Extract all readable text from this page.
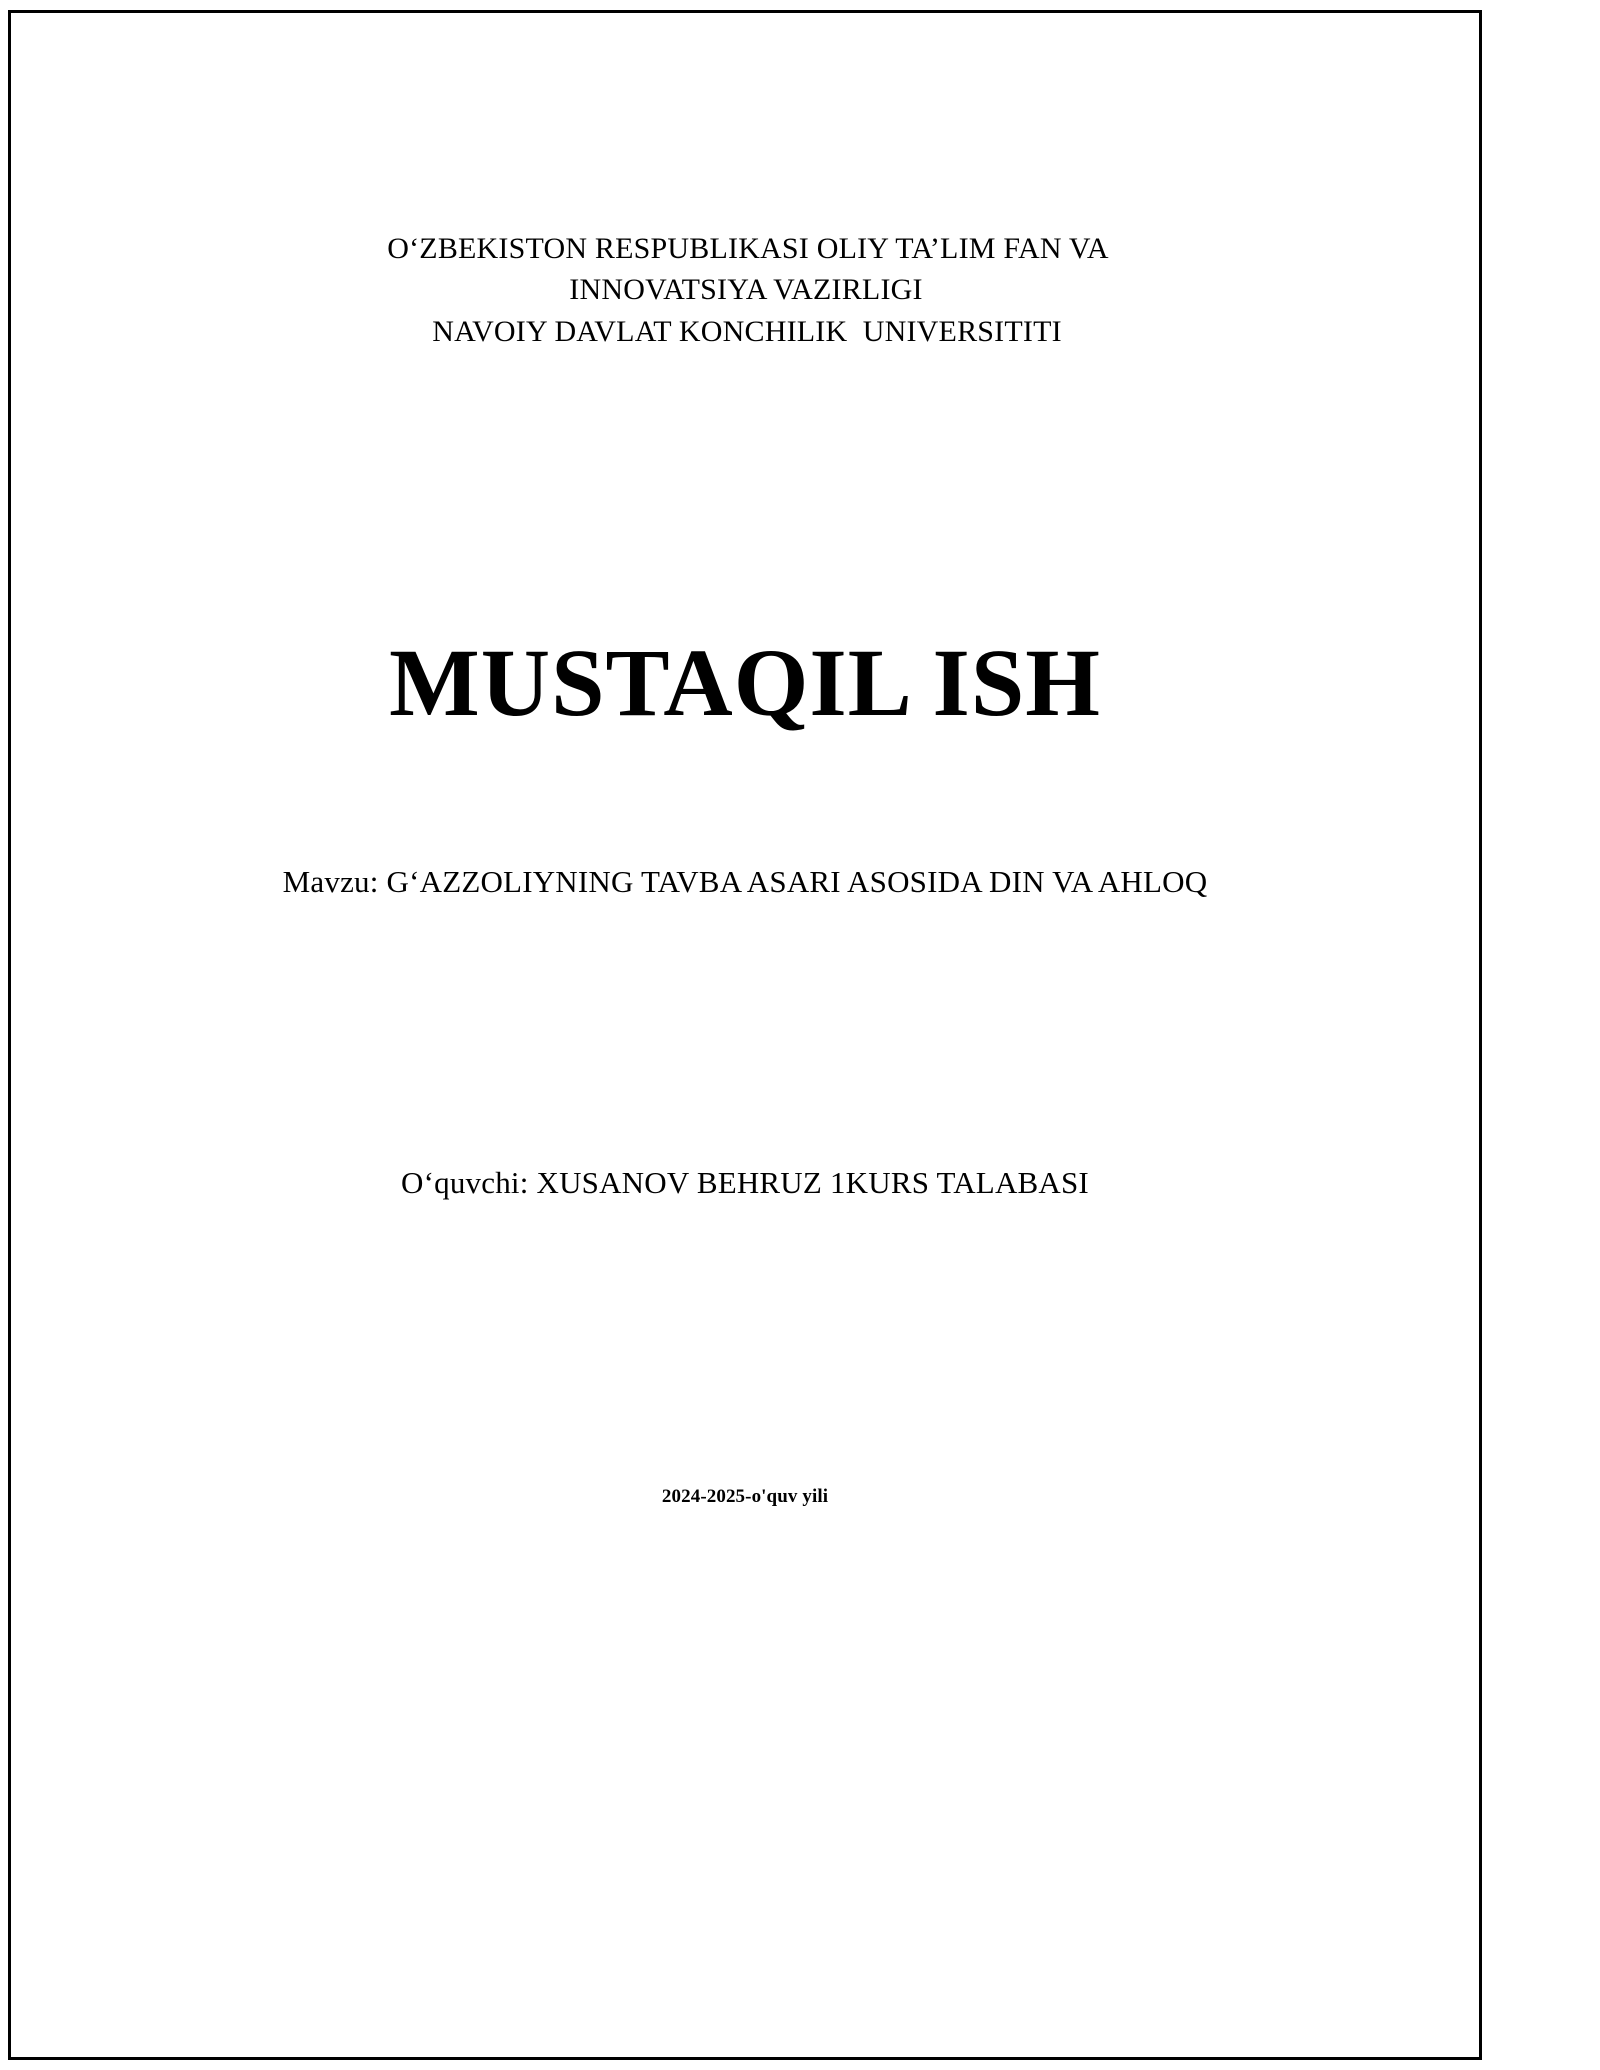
O‘ZBEKISTON RESPUBLIKASI OLIY TA’LIM FAN VA
INNOVATSIYA VAZIRLIGI
NAVOIY DAVLAT KONCHILIK  UNIVERSITITI
MUSTAQIL ISH
Mavzu: G‘AZZOLIYNING TAVBA ASARI ASOSIDA DIN VA AHLOQ
O‘quvchi: XUSANOV BEHRUZ 1KURS TALABASI
2024-2025-o'quv yili
